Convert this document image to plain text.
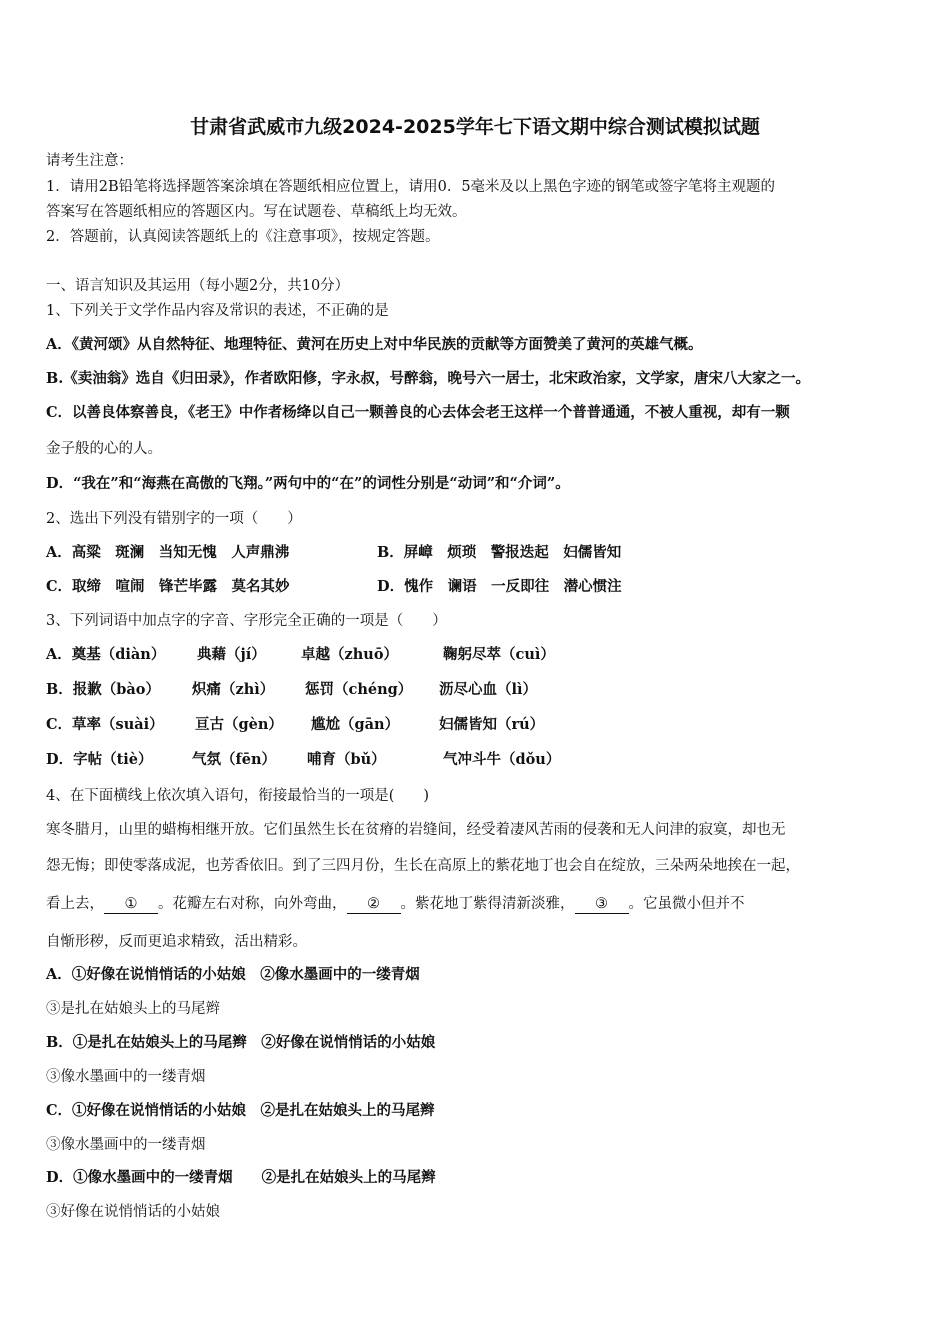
甘肃省武威市九级2024-2025学年七下语文期中综合测试模拟试题
请考生注意：
1．请用2B铅笔将选择题答案涂填在答题纸相应位置上，请用0．5毫米及以上黑色字迹的钢笔或签字笔将主观题的
答案写在答题纸相应的答题区内。写在试题卷、草稿纸上均无效。
2．答题前，认真阅读答题纸上的《注意事项》，按规定答题。
一、语言知识及其运用（每小题2分，共10分）
1、下列关于文学作品内容及常识的表述，不正确的是
A．《黄河颂》从自然特征、地理特征、黄河在历史上对中华民族的贡献等方面赞美了黄河的英雄气概。
B.《卖油翁》选自《归田录》，作者欧阳修，字永叔，号醉翁，晚号六一居士，北宋政治家，文学家，唐宋八大家之一。
C．以善良体察善良，《老王》中作者杨绛以自己一颗善良的心去体会老王这样一个普普通通，不被人重视，却有一颗
金子般的心的人。
D．“我在”和“海燕在高傲的飞翔。”两句中的“在”的词性分别是“动词”和“介词”。
2、选出下列没有错别字的一项（　　）
A．高粱　斑澜　当知无愧　人声鼎沸	B．屏嶂　烦琐　警报迭起　妇儒皆知
C．取缔　喧闹　锋芒毕露　莫名其妙	D．愧作　谰语　一反即往　潜心惯注
3、下列词语中加点字的字音、字形完全正确的一项是（　　）
A．奠基（diàn） 典藉（jí） 卓越（zhuō）	鞠躬尽萃（cuì）
B．报歉（bào） 炽痛（zhì） 惩罚（chéng） 沥尽心血（lì）
C．草率（suài） 亘古（gèn） 尴尬（gān）	妇儒皆知（rú）
D．字帖（tiè）	气氛（fēn） 哺育（bǔ）	气冲斗牛（dǒu）
4、在下面横线上依次填入语句，衔接最恰当的一项是(　　)
寒冬腊月，山里的蜡梅相继开放。它们虽然生长在贫瘠的岩缝间，经受着凄风苦雨的侵袭和无人问津的寂寞，却也无
怨无悔；即使零落成泥，也芳香依旧。到了三四月份，生长在高原上的紫花地丁也会自在绽放，三朵两朵地挨在一起，
看上去， ① 。花瓣左右对称，向外弯曲， ② 。紫花地丁紫得清新淡雅， ③ 。它虽微小但并不
自惭形秽，反而更追求精致，活出精彩。
A．①好像在说悄悄话的小姑娘　②像水墨画中的一缕青烟
③是扎在姑娘头上的马尾辫
B．①是扎在姑娘头上的马尾辫　②好像在说悄悄话的小姑娘
③像水墨画中的一缕青烟
C．①好像在说悄悄话的小姑娘　②是扎在姑娘头上的马尾辫
③像水墨画中的一缕青烟
D．①像水墨画中的一缕青烟　　②是扎在姑娘头上的马尾辫
③好像在说悄悄话的小姑娘
